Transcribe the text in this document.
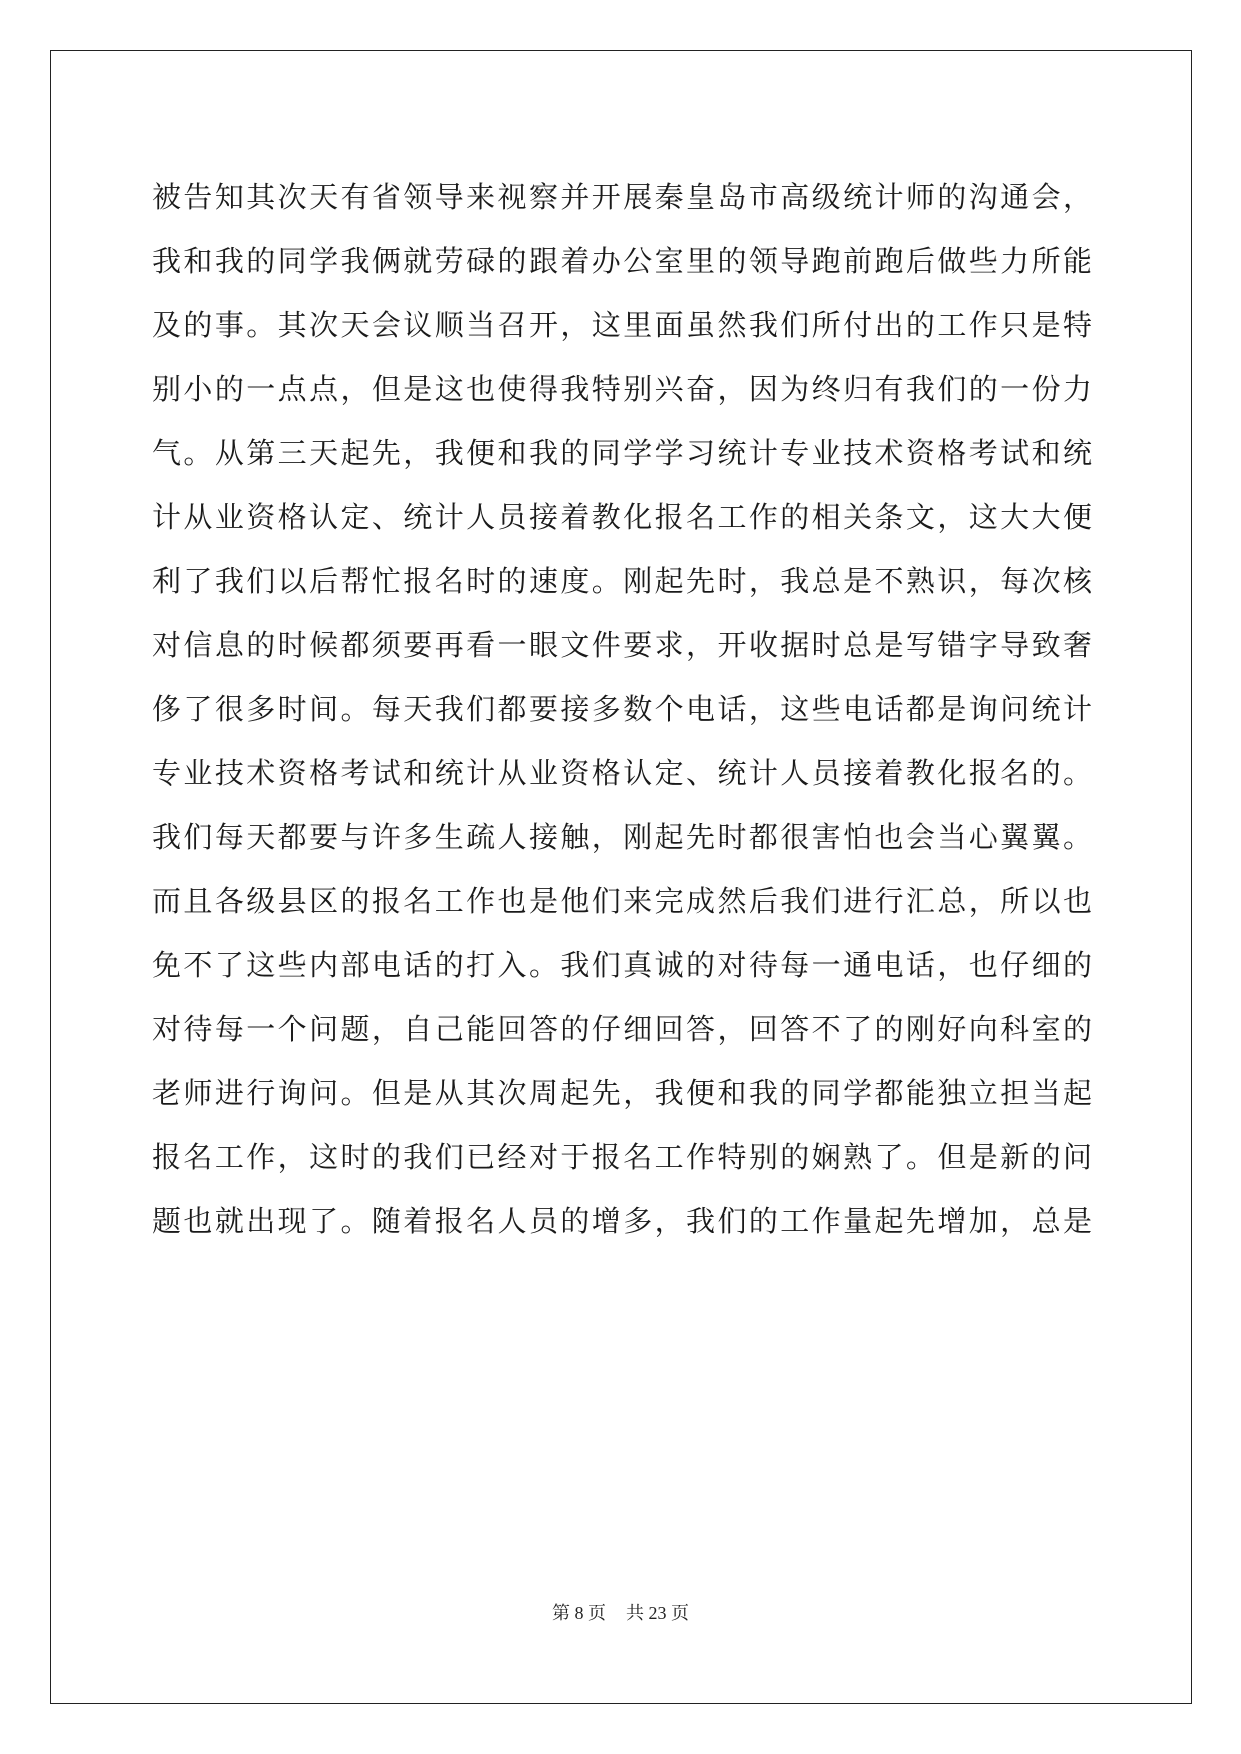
被告知其次天有省领导来视察并开展秦皇岛市高级统计师的沟通会，
我和我的同学我俩就劳碌的跟着办公室里的领导跑前跑后做些力所能
及的事。其次天会议顺当召开，这里面虽然我们所付出的工作只是特
别小的一点点，但是这也使得我特别兴奋，因为终归有我们的一份力
气。从第三天起先，我便和我的同学学习统计专业技术资格考试和统
计从业资格认定、统计人员接着教化报名工作的相关条文，这大大便
利了我们以后帮忙报名时的速度。刚起先时，我总是不熟识，每次核
对信息的时候都须要再看一眼文件要求，开收据时总是写错字导致奢
侈了很多时间。每天我们都要接多数个电话，这些电话都是询问统计
专业技术资格考试和统计从业资格认定、统计人员接着教化报名的。
我们每天都要与许多生疏人接触，刚起先时都很害怕也会当心翼翼。
而且各级县区的报名工作也是他们来完成然后我们进行汇总，所以也
免不了这些内部电话的打入。我们真诚的对待每一通电话，也仔细的
对待每一个问题，自己能回答的仔细回答，回答不了的刚好向科室的
老师进行询问。但是从其次周起先，我便和我的同学都能独立担当起
报名工作，这时的我们已经对于报名工作特别的娴熟了。但是新的问
题也就出现了。随着报名人员的增多，我们的工作量起先增加，总是
第 8 页 共 23 页
